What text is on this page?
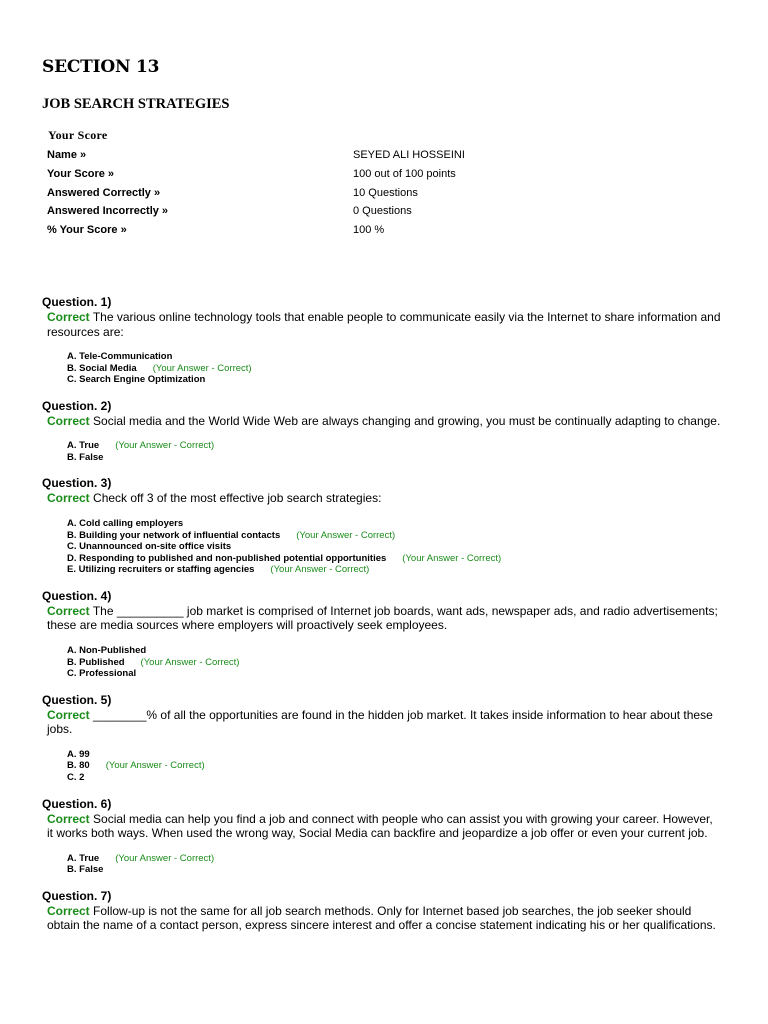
SECTION 13
JOB SEARCH STRATEGIES
Your Score
Name »	SEYED ALI HOSSEINI
Your Score »	100 out of 100 points
Answered Correctly »	10 Questions
Answered Incorrectly »	0 Questions
% Your Score »	100 %
Question. 1)
Correct The various online technology tools that enable people to communicate easily via the Internet to share information and resources are:
A. Tele-Communication
B. Social Media (Your Answer - Correct)
C. Search Engine Optimization
Question. 2)
Correct Social media and the World Wide Web are always changing and growing, you must be continually adapting to change.
A. True (Your Answer - Correct)
B. False
Question. 3)
Correct Check off 3 of the most effective job search strategies:
A. Cold calling employers
B. Building your network of influential contacts (Your Answer - Correct)
C. Unannounced on-site office visits
D. Responding to published and non-published potential opportunities (Your Answer - Correct)
E. Utilizing recruiters or staffing agencies (Your Answer - Correct)
Question. 4)
Correct The __________ job market is comprised of Internet job boards, want ads, newspaper ads, and radio advertisements; these are media sources where employers will proactively seek employees.
A. Non-Published
B. Published (Your Answer - Correct)
C. Professional
Question. 5)
Correct ________% of all the opportunities are found in the hidden job market. It takes inside information to hear about these jobs.
A. 99
B. 80 (Your Answer - Correct)
C. 2
Question. 6)
Correct Social media can help you find a job and connect with people who can assist you with growing your career. However, it works both ways. When used the wrong way, Social Media can backfire and jeopardize a job offer or even your current job.
A. True (Your Answer - Correct)
B. False
Question. 7)
Correct Follow-up is not the same for all job search methods. Only for Internet based job searches, the job seeker should obtain the name of a contact person, express sincere interest and offer a concise statement indicating his or her qualifications.
